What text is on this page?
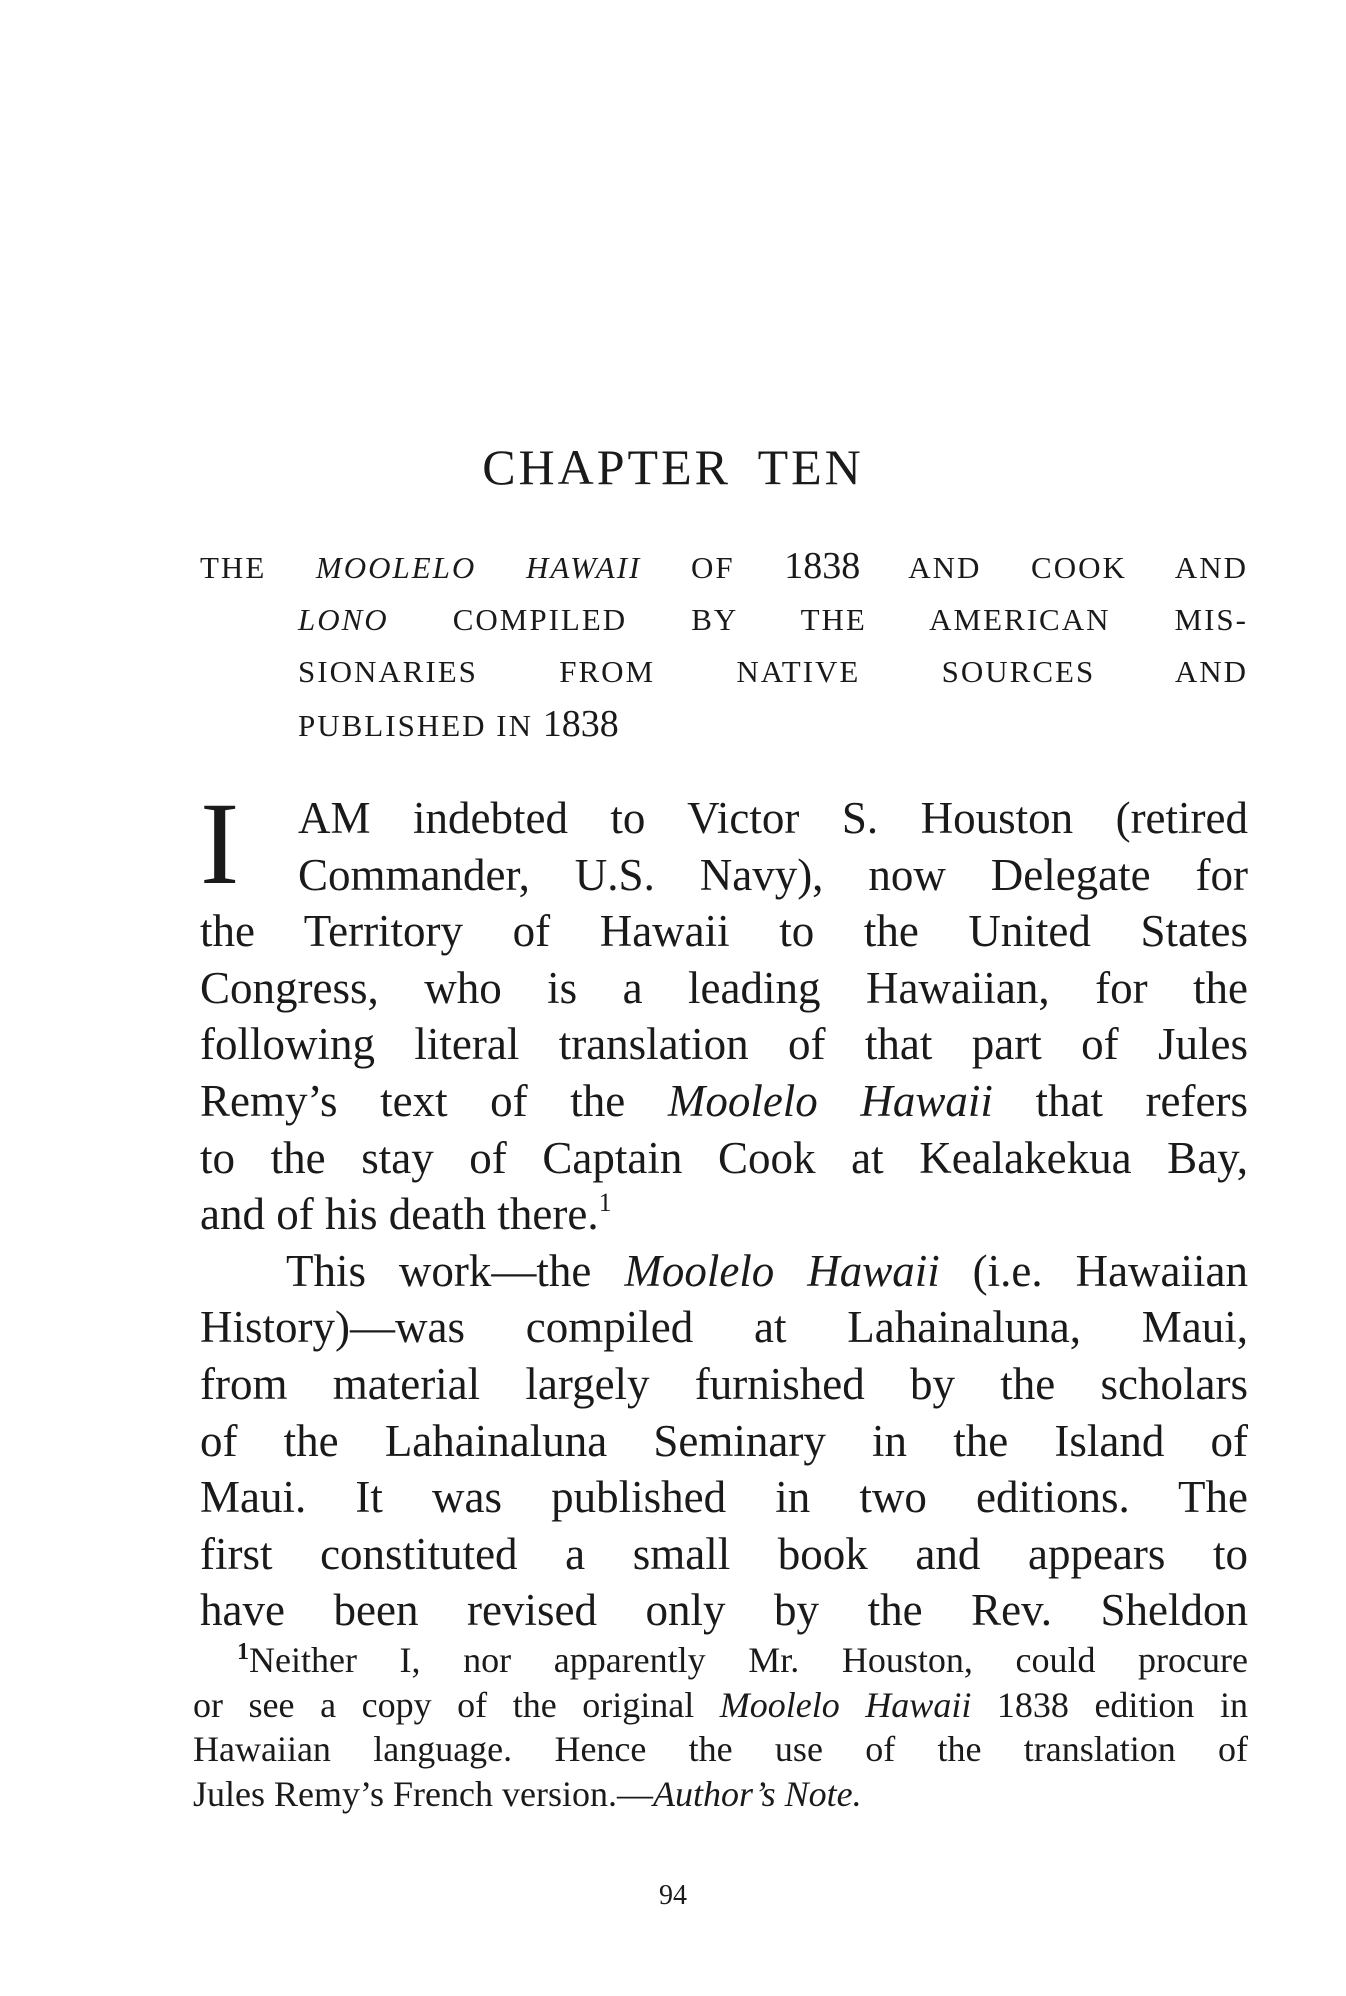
CHAPTER TEN
THE MOOLELO HAWAII OF 1838 AND COOK AND
LONO COMPILED BY THE AMERICAN MIS-
SIONARIES FROM NATIVE SOURCES AND
PUBLISHED IN 1838
I	AM indebted to Victor S. Houston (retired
Commander, U.S. Navy), now Delegate for
the Territory of Hawaii to the United States
Congress, who is a leading Hawaiian, for the
following literal translation of that part of Jules
Remy’s text of the Moolelo Hawaii that refers
to the stay of Captain Cook at Kealakekua Bay,
and of his death there.$^1$
This work—the Moolelo Hawaii (i.e. Hawaiian
History)—was compiled at Lahainaluna, Maui,
from material largely furnished by the scholars
of the Lahainaluna Seminary in the Island of
Maui. It was published in two editions. The
first constituted a small book and appears to
have been revised only by the Rev. Sheldon
$^1$Neither I, nor apparently Mr. Houston, could procure
or see a copy of the original Moolelo Hawaii 1838 edition in
Hawaiian language. Hence the use of the translation of
Jules Remy’s French version.—Author’s Note.
94
